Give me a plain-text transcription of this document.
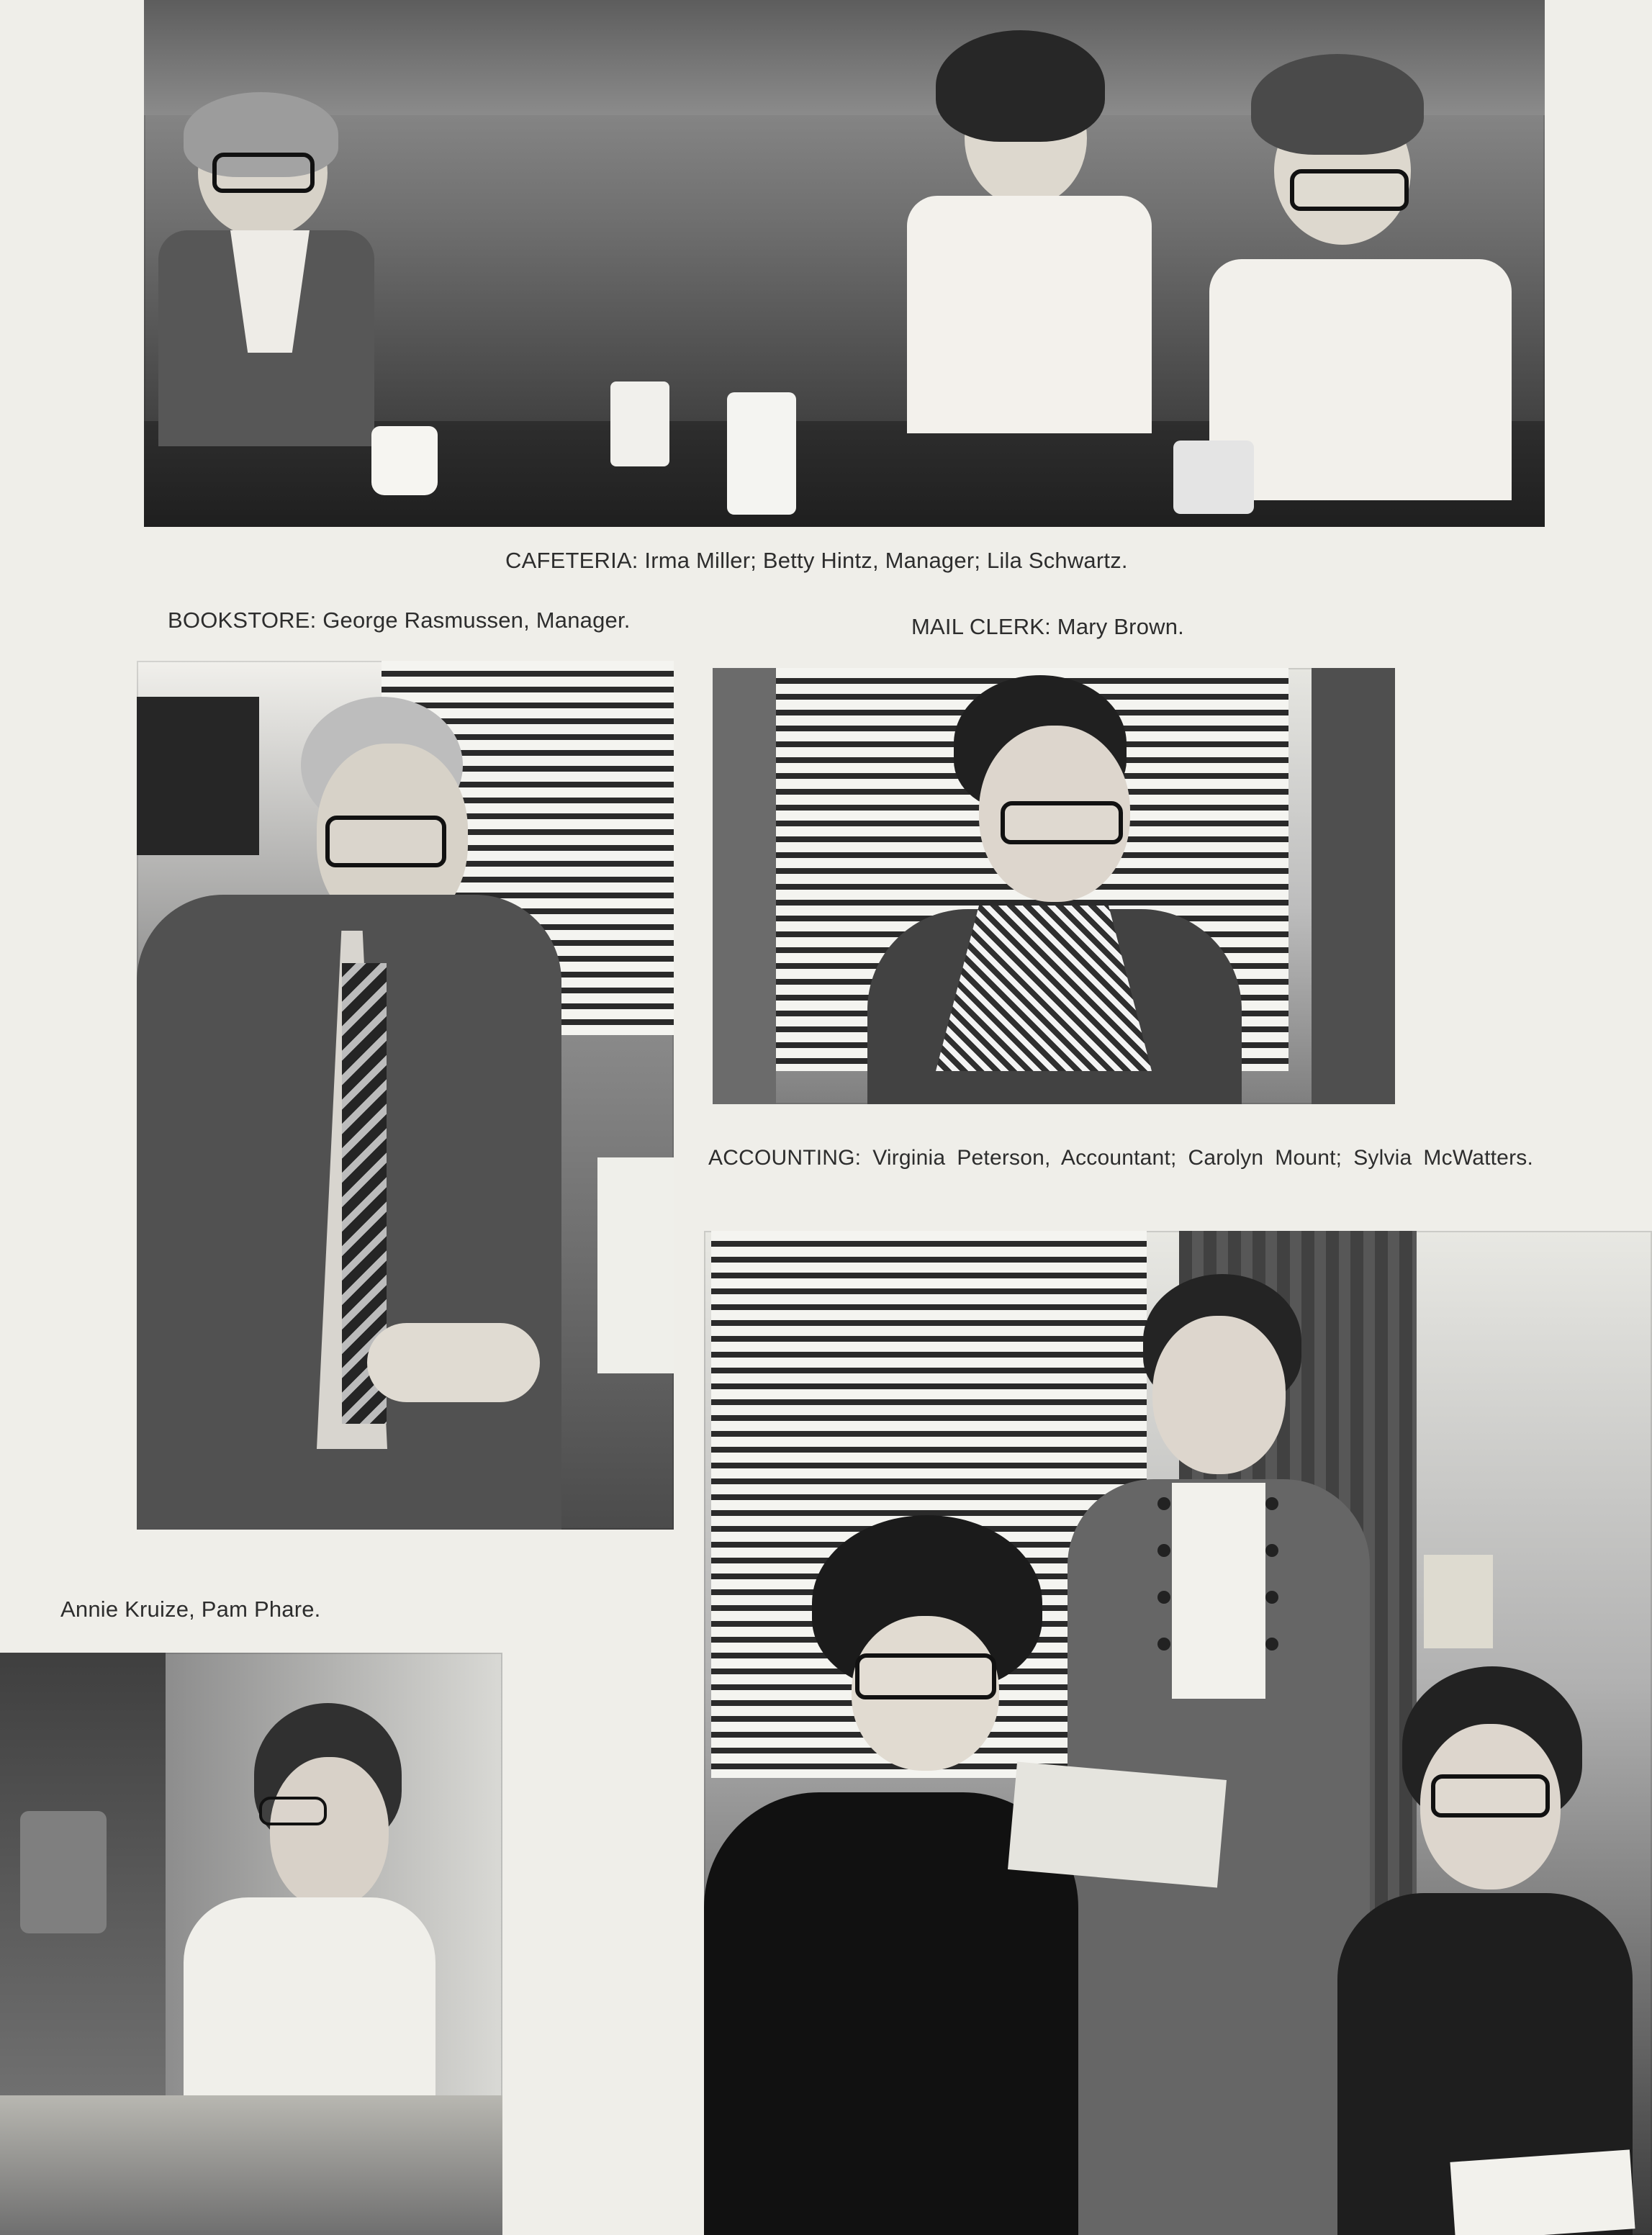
CAFETERIA: Irma Miller; Betty Hintz, Manager; Lila Schwartz.
BOOKSTORE: George Rasmussen, Manager.	MAIL CLERK: Mary Brown.
ACCOUNTING: Virginia Peterson, Accountant; Carolyn Mount; Sylvia McWatters.
Annie Kruize, Pam Phare.
